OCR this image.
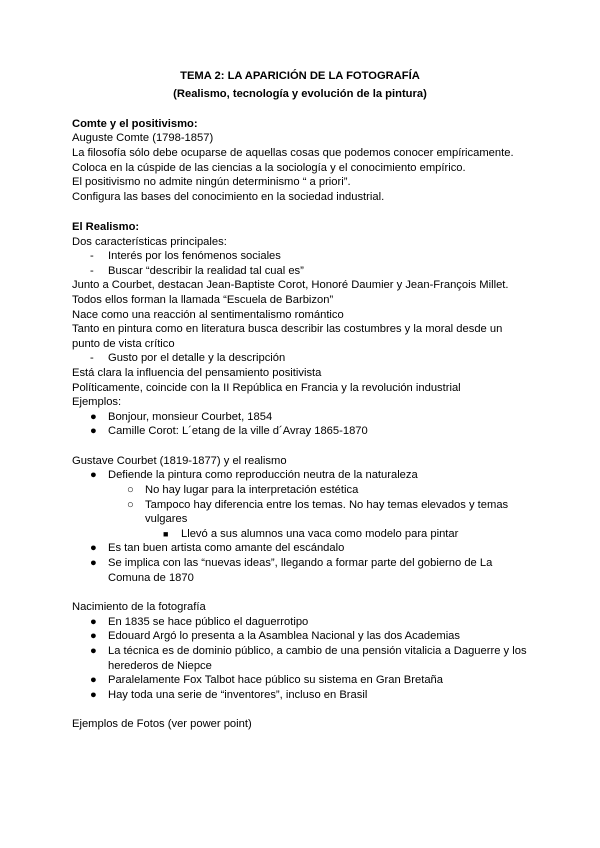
TEMA 2: LA APARICIÓN DE LA FOTOGRAFÍA
(Realismo, tecnología y evolución de la pintura)
Comte y el positivismo:
Auguste Comte (1798-1857)
La filosofía sólo debe ocuparse de aquellas cosas que podemos conocer empíricamente.
Coloca en la cúspide de las ciencias a la sociología y el conocimiento empírico.
El positivismo no admite ningún determinismo “ a priori”.
Configura las bases del conocimiento en la sociedad industrial.
El Realismo:
Dos características principales:
- Interés por los fenómenos sociales
- Buscar “describir la realidad tal cual es”
Junto a Courbet, destacan Jean-Baptiste Corot, Honoré Daumier y Jean-François Millet.
Todos ellos forman la llamada “Escuela de Barbizon”
Nace como una reacción al sentimentalismo romántico
Tanto en pintura como en literatura busca describir las costumbres y la moral desde un
punto de vista crítico
- Gusto por el detalle y la descripción
Está clara la influencia del pensamiento positivista
Políticamente, coincide con la II República en Francia y la revolución industrial
Ejemplos:
● Bonjour, monsieur Courbet, 1854
● Camille Corot: L´etang de la ville d´Avray 1865-1870
Gustave Courbet (1819-1877) y el realismo
● Defiende la pintura como reproducción neutra de la naturaleza
○ No hay lugar para la interpretación estética
○ Tampoco hay diferencia entre los temas. No hay temas elevados y temas
vulgares
■ Llevó a sus alumnos una vaca como modelo para pintar
● Es tan buen artista como amante del escándalo
● Se implica con las “nuevas ideas”, llegando a formar parte del gobierno de La
Comuna de 1870
Nacimiento de la fotografía
● En 1835 se hace público el daguerrotipo
● Edouard Argó lo presenta a la Asamblea Nacional y las dos Academias
● La técnica es de dominio público, a cambio de una pensión vitalicia a Daguerre y los
herederos de Niepce
● Paralelamente Fox Talbot hace público su sistema en Gran Bretaña
● Hay toda una serie de “inventores”, incluso en Brasil
Ejemplos de Fotos (ver power point)
